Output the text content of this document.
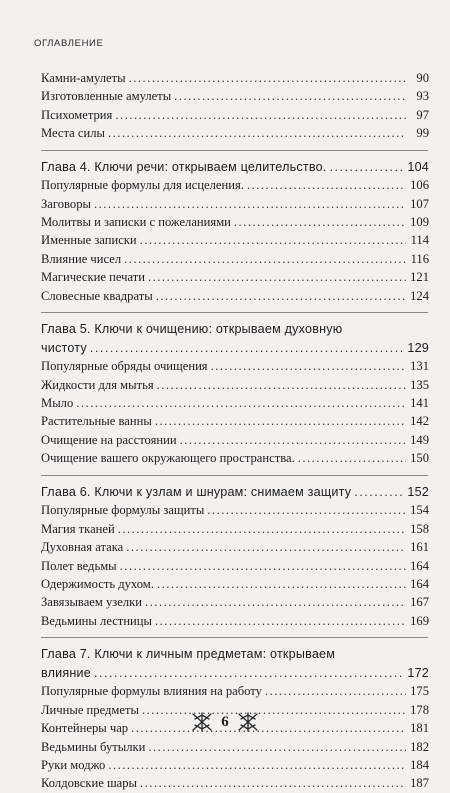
ОГЛАВЛЕНИЕ
Камни-амулеты .....	90
Изготовленные амулеты .....	93
Психометрия .....	97
Места силы .....	99
Глава 4. Ключи речи: открываем целительство. .....	104
Популярные формулы для исцеления. .....	106
Заговоры .....	107
Молитвы и записки с пожеланиями .....	109
Именные записки .....	114
Влияние чисел .....	116
Магические печати .....	121
Словесные квадраты .....	124
Глава 5. Ключи к очищению: открываем духовную
чистоту .....	129
Популярные обряды очищения .....	131
Жидкости для мытья .....	135
Мыло .....	141
Растительные ванны .....	142
Очищение на расстоянии .....	149
Очищение вашего окружающего пространства. .....	150
Глава 6. Ключи к узлам и шнурам: снимаем защиту .....	152
Популярные формулы защиты .....	154
Магия тканей .....	158
Духовная атака .....	161
Полет ведьмы .....	164
Одержимость духом. .....	164
Завязываем узелки .....	167
Ведьмины лестницы .....	169
Глава 7. Ключи к личным предметам: открываем
влияние .....	172
Популярные формулы влияния на работу .....	175
Личные предметы .....	178
Контейнеры чар .....	181
Ведьмины бутылки .....	182
Руки моджо .....	184
Колдовские шары .....	187
6
